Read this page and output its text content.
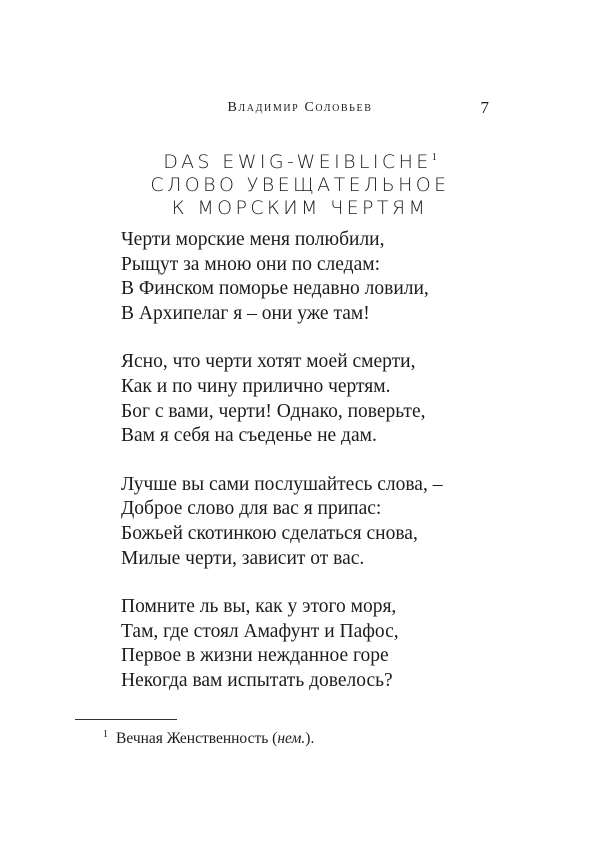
Владимир Соловьев	7
DAS EWIG-WEIBLICHE$^1$
СЛОВО УВЕЩАТЕЛЬНОЕ
К МОРСКИМ ЧЕРТЯМ
Черти морские меня полюбили,
Рыщут за мною они по следам:
В Финском поморье недавно ловили,
В Архипелаг я – они уже там!
Ясно, что черти хотят моей смерти,
Как и по чину прилично чертям.
Бог с вами, черти! Однако, поверьте,
Вам я себя на съеденье не дам.
Лучше вы сами послушайтесь слова, –
Доброе слово для вас я припас:
Божьей скотинкою сделаться снова,
Милые черти, зависит от вас.
Помните ль вы, как у этого моря,
Там, где стоял Амафунт и Пафос,
Первое в жизни нежданное горе
Некогда вам испытать довелось?
$^1$ Вечная Женственность (нем.).
